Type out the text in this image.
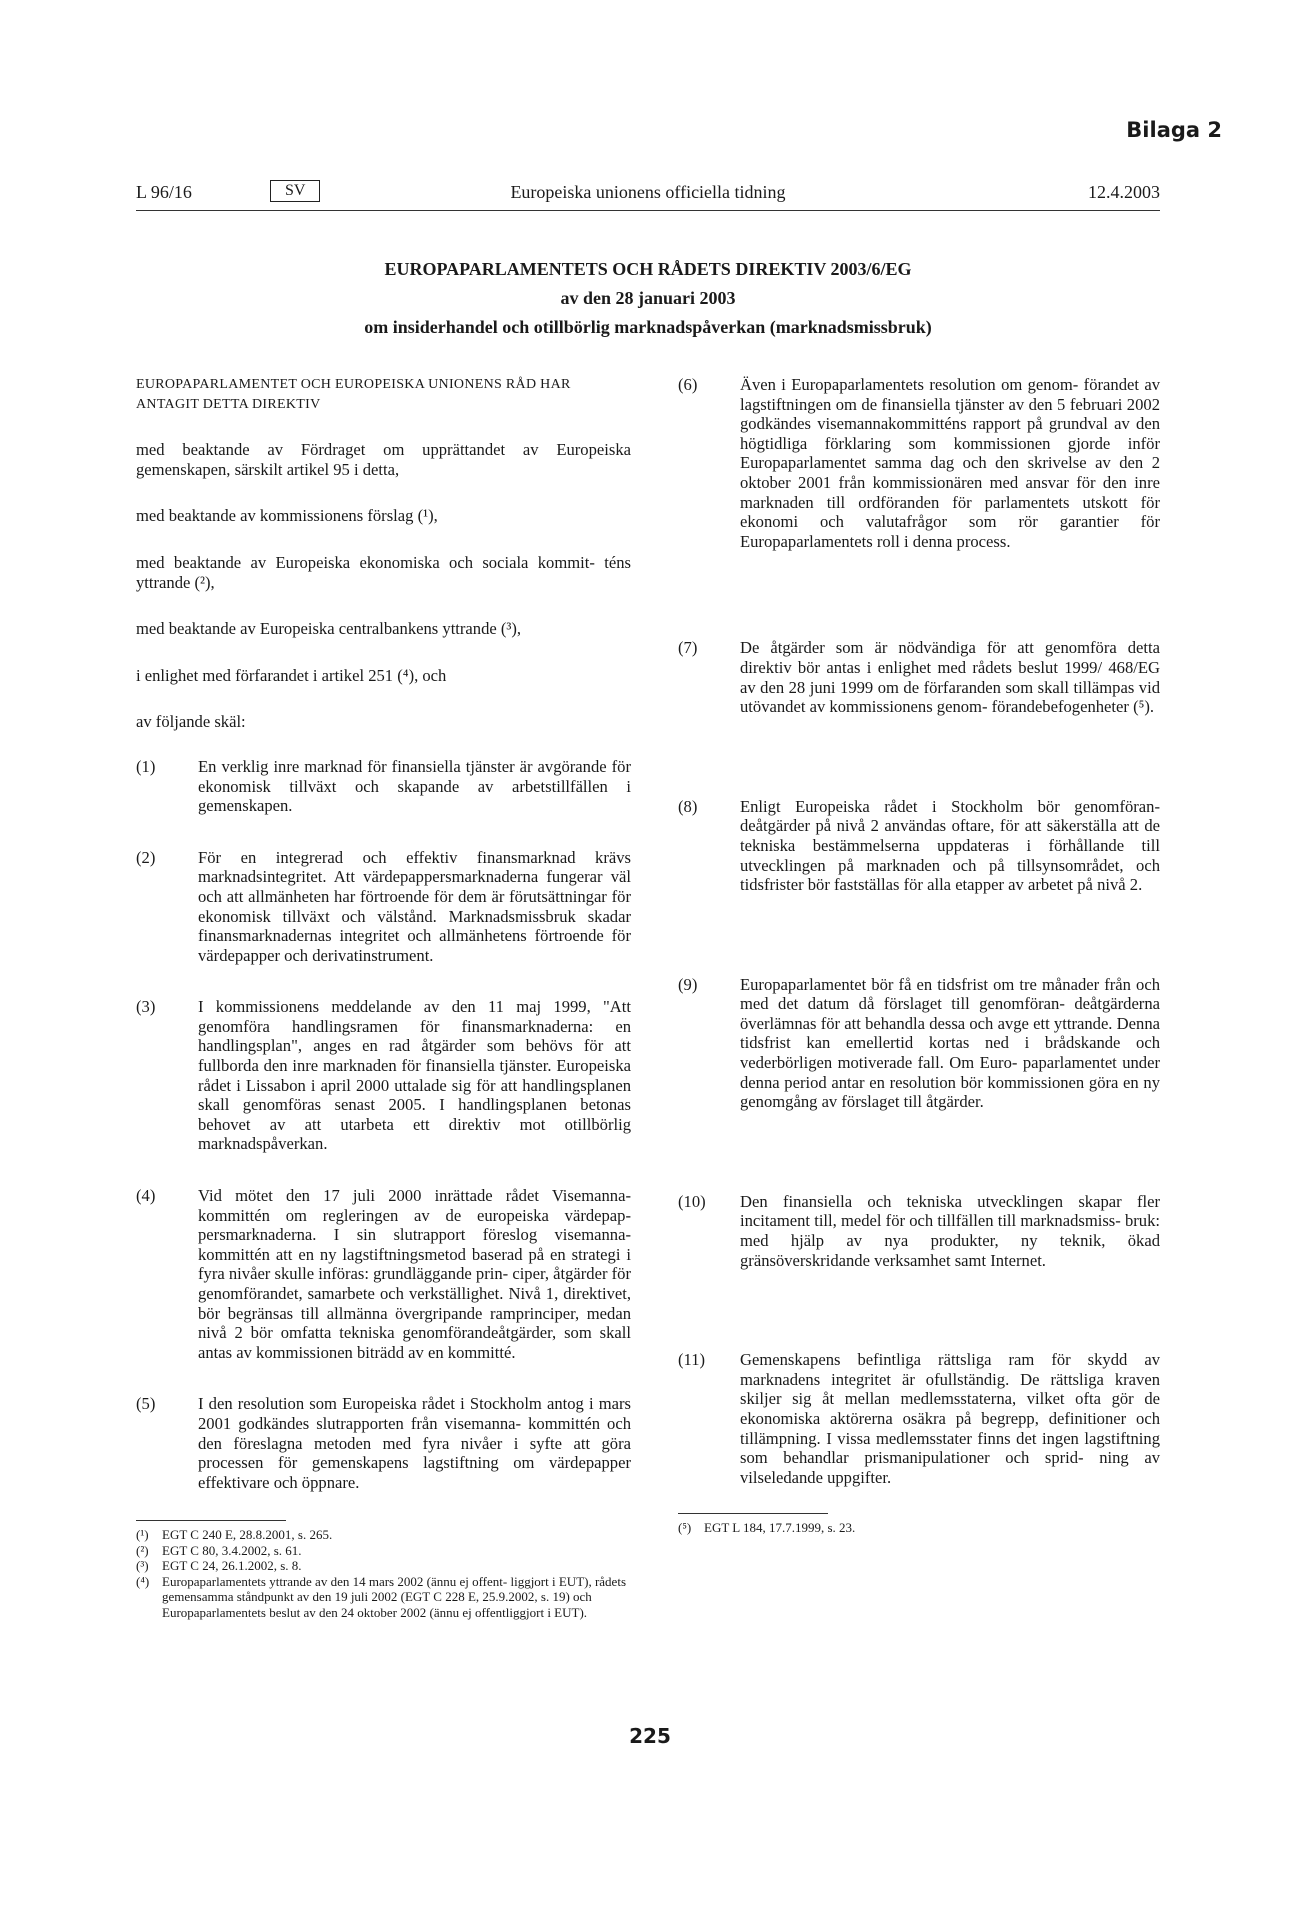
Bilaga 2
L 96/16	SV	Europeiska unionens officiella tidning	12.4.2003
EUROPAPARLAMENTETS OCH RÅDETS DIREKTIV 2003/6/EG
av den 28 januari 2003
om insiderhandel och otillbörlig marknadspåverkan (marknadsmissbruk)

EUROPAPARLAMENTET OCH EUROPEISKA UNIONENS RÅD HAR ANTAGIT DETTA DIREKTIV

med beaktande av Fördraget om upprättandet av Europeiska gemenskapen, särskilt artikel 95 i detta,

med beaktande av kommissionens förslag (¹),

med beaktande av Europeiska ekonomiska och sociala kommit- téns yttrande (²),

med beaktande av Europeiska centralbankens yttrande (³),

i enlighet med förfarandet i artikel 251 (⁴), och

av följande skäl:

(1)	En verklig inre marknad för finansiella tjänster är avgörande för ekonomisk tillväxt och skapande av arbetstillfällen i gemenskapen.
(2)	För en integrerad och effektiv finansmarknad krävs marknadsintegritet. Att värdepappersmarknaderna fungerar väl och att allmänheten har förtroende för dem är förutsättningar för ekonomisk tillväxt och välstånd. Marknadsmissbruk skadar finansmarknadernas integritet och allmänhetens förtroende för värdepapper och derivatinstrument.
(3)	I kommissionens meddelande av den 11 maj 1999, "Att genomföra handlingsramen för finansmarknaderna: en handlingsplan", anges en rad åtgärder som behövs för att fullborda den inre marknaden för finansiella tjänster. Europeiska rådet i Lissabon i april 2000 uttalade sig för att handlingsplanen skall genomföras senast 2005. I handlingsplanen betonas behovet av att utarbeta ett direktiv mot otillbörlig marknadspåverkan.
(4)	Vid mötet den 17 juli 2000 inrättade rådet Visemanna- kommittén om regleringen av de europeiska värdepap- persmarknaderna. I sin slutrapport föreslog visemanna- kommittén att en ny lagstiftningsmetod baserad på en strategi i fyra nivåer skulle införas: grundläggande prin- ciper, åtgärder för genomförandet, samarbete och verkställighet. Nivå 1, direktivet, bör begränsas till allmänna övergripande ramprinciper, medan nivå 2 bör omfatta tekniska genomförandeåtgärder, som skall antas av kommissionen biträdd av en kommitté.
(5)	I den resolution som Europeiska rådet i Stockholm antog i mars 2001 godkändes slutrapporten från visemanna- kommittén och den föreslagna metoden med fyra nivåer i syfte att göra processen för gemenskapens lagstiftning om värdepapper effektivare och öppnare.
(¹)	EGT C 240 E, 28.8.2001, s. 265.
(²)	EGT C 80, 3.4.2002, s. 61.
(³)	EGT C 24, 26.1.2002, s. 8.
(⁴) Europaparlamentets yttrande av den 14 mars 2002 (ännu ej offent- liggjort i EUT), rådets gemensamma ståndpunkt av den 19 juli 2002 (EGT C 228 E, 25.9.2002, s. 19) och Europaparlamentets beslut av den 24 oktober 2002 (ännu ej offentliggjort i EUT).
(6)	Även i Europaparlamentets resolution om genom- förandet av lagstiftningen om de finansiella tjänster av den 5 februari 2002 godkändes visemannakommitténs rapport på grundval av den högtidliga förklaring som kommissionen gjorde inför Europaparlamentet samma dag och den skrivelse av den 2 oktober 2001 från kommissionären med ansvar för den inre marknaden till ordföranden för parlamentets utskott för ekonomi och valutafrågor som rör garantier för Europaparlamentets roll i denna process.
(7)	De åtgärder som är nödvändiga för att genomföra detta direktiv bör antas i enlighet med rådets beslut 1999/ 468/EG av den 28 juni 1999 om de förfaranden som skall tillämpas vid utövandet av kommissionens genom- förandebefogenheter (⁵).
(8)	Enligt Europeiska rådet i Stockholm bör genomföran- deåtgärder på nivå 2 användas oftare, för att säkerställa att de tekniska bestämmelserna uppdateras i förhållande till utvecklingen på marknaden och på tillsynsområdet, och tidsfrister bör fastställas för alla etapper av arbetet på nivå 2.
(9)	Europaparlamentet bör få en tidsfrist om tre månader från och med det datum då förslaget till genomföran- deåtgärderna överlämnas för att behandla dessa och avge ett yttrande. Denna tidsfrist kan emellertid kortas ned i brådskande och vederbörligen motiverade fall. Om Euro- paparlamentet under denna period antar en resolution bör kommissionen göra en ny genomgång av förslaget till åtgärder.
(10)	Den finansiella och tekniska utvecklingen skapar fler incitament till, medel för och tillfällen till marknadsmiss- bruk: med hjälp av nya produkter, ny teknik, ökad gränsöverskridande verksamhet samt Internet.
(11)	Gemenskapens befintliga rättsliga ram för skydd av marknadens integritet är ofullständig. De rättsliga kraven skiljer sig åt mellan medlemsstaterna, vilket ofta gör de ekonomiska aktörerna osäkra på begrepp, definitioner och tillämpning. I vissa medlemsstater finns det ingen lagstiftning som behandlar prismanipulationer och sprid- ning av vilseledande uppgifter.
(⁵) EGT L 184, 17.7.1999, s. 23.
225
